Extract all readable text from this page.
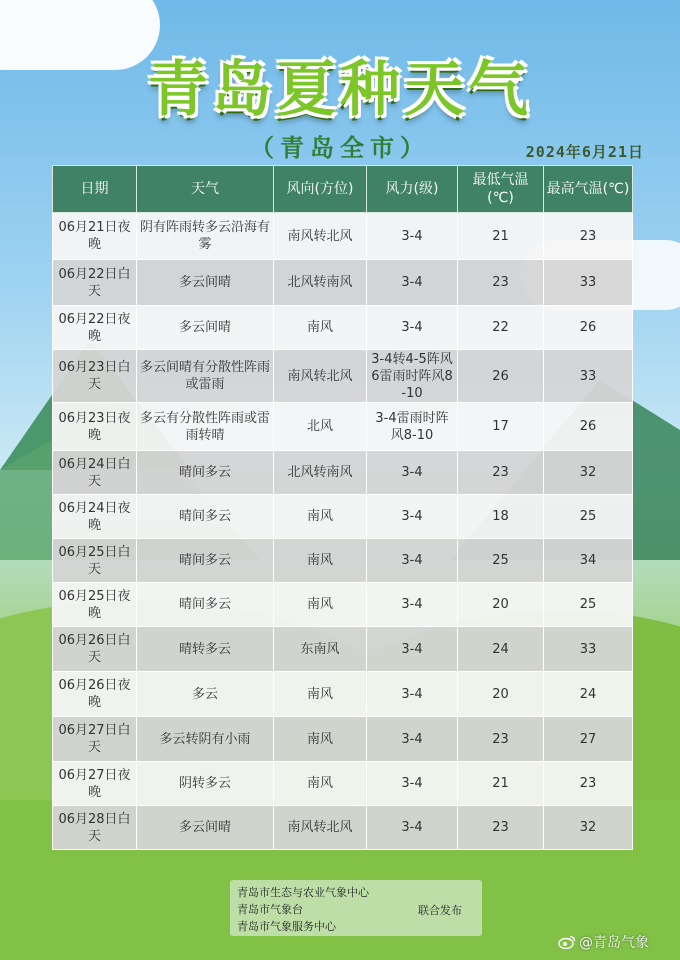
青岛夏种天气
（青岛全市）	2024年6月21日
日期	天气	风向(方位)	风力(级)	最低气温(℃)	最高气温(℃)
06月21日夜晚	阴有阵雨转多云沿海有雾	南风转北风	3-4	21	23
06月22日白天	多云间晴	北风转南风	3-4	23	33
06月22日夜晚	多云间晴	南风	3-4	22	26
06月23日白天	多云间晴有分散性阵雨或雷雨	南风转北风	3-4转4-5阵风6雷雨时阵风8-10	26	33
06月23日夜晚	多云有分散性阵雨或雷雨转晴	北风	3-4雷雨时阵风8-10	17	26
06月24日白天	晴间多云	北风转南风	3-4	23	32
06月24日夜晚	晴间多云	南风	3-4	18	25
06月25日白天	晴间多云	南风	3-4	25	34
06月25日夜晚	晴间多云	南风	3-4	20	25
06月26日白天	晴转多云	东南风	3-4	24	33
06月26日夜晚	多云	南风	3-4	20	24
06月27日白天	多云转阴有小雨	南风	3-4	23	27
06月27日夜晚	阴转多云	南风	3-4	21	23
06月28日白天	多云间晴	南风转北风	3-4	23	32
青岛市生态与农业气象中心
青岛市气象台
青岛市气象服务中心
联合发布
@青岛气象
